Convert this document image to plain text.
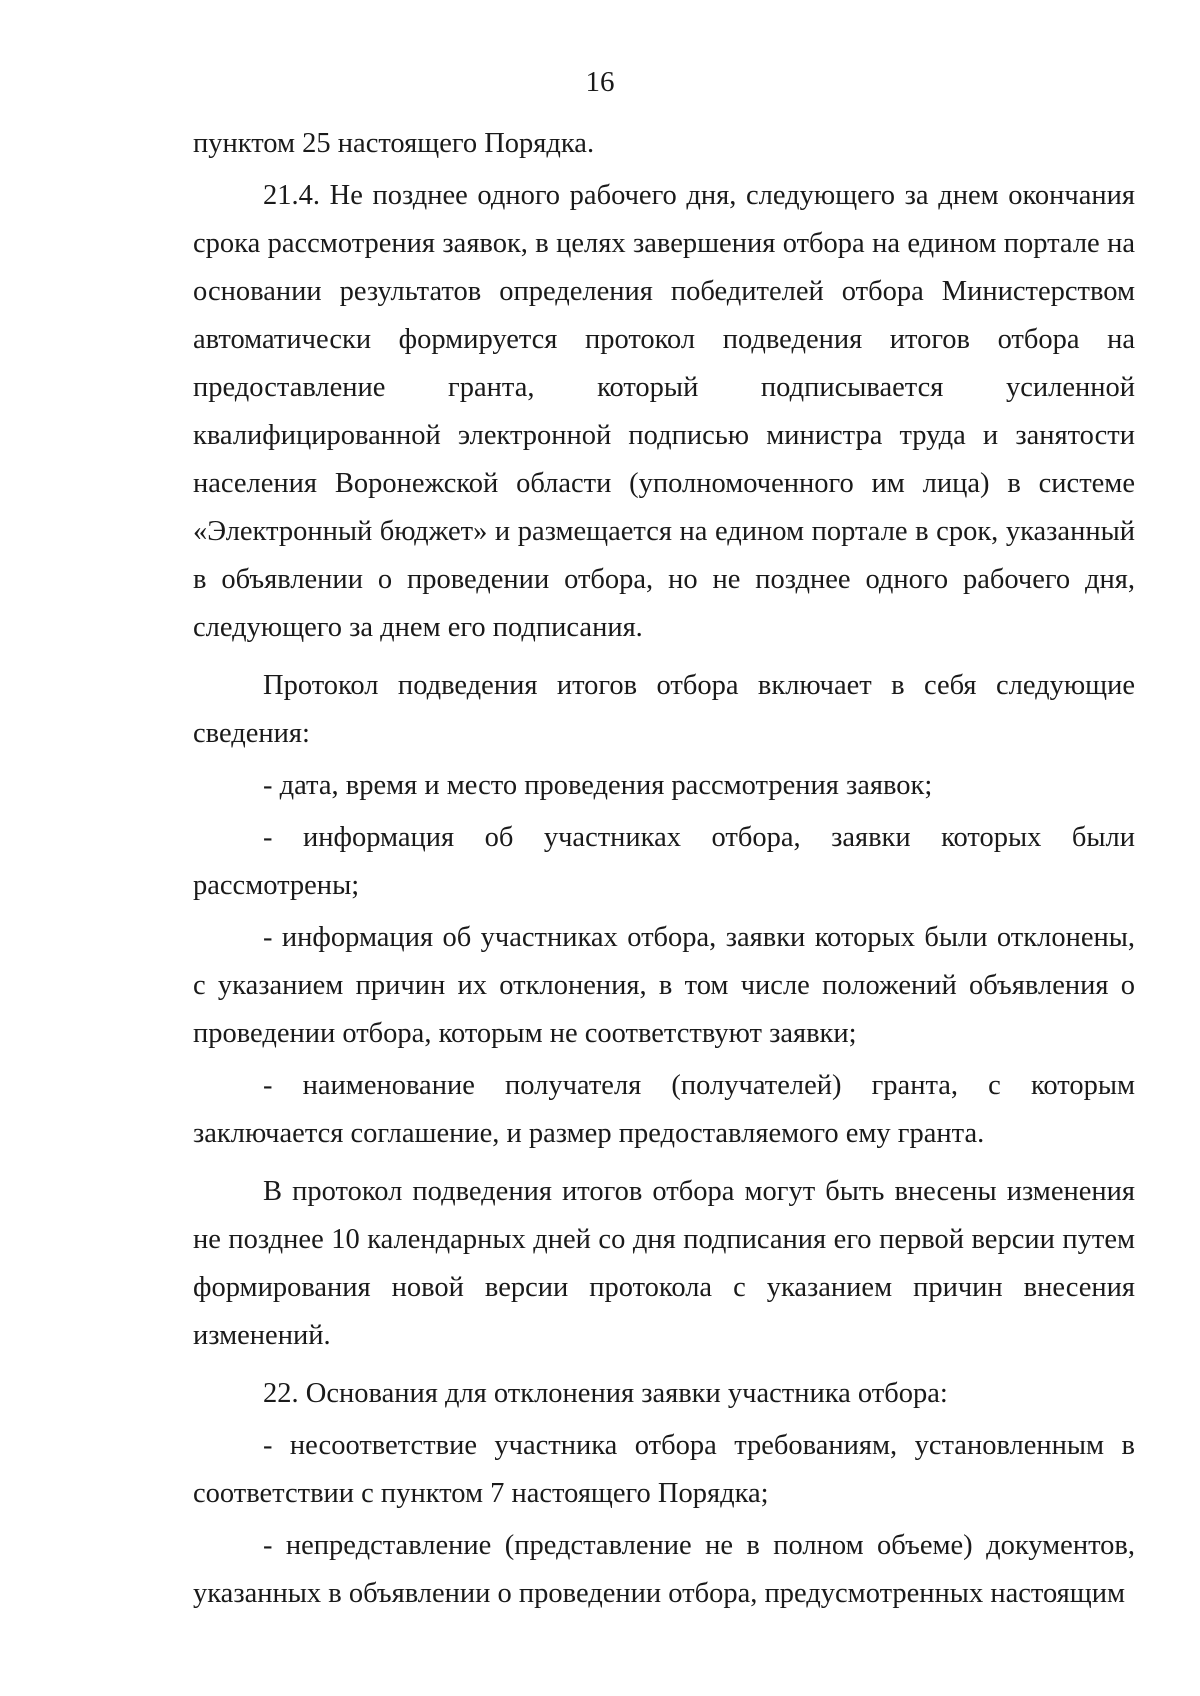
16

пунктом 25 настоящего Порядка.

21.4. Не позднее одного рабочего дня, следующего за днем окончания срока рассмотрения заявок, в целях завершения отбора на едином портале на основании результатов определения победителей отбора Министерством автоматически формируется протокол подведения итогов отбора на предоставление гранта, который подписывается усиленной квалифицированной электронной подписью министра труда и занятости населения Воронежской области (уполномоченного им лица) в системе «Электронный бюджет» и размещается на едином портале в срок, указанный в объявлении о проведении отбора, но не позднее одного рабочего дня, следующего за днем его подписания.

Протокол подведения итогов отбора включает в себя следующие сведения:

- дата, время и место проведения рассмотрения заявок;

- информация об участниках отбора, заявки которых были рассмотрены;

- информация об участниках отбора, заявки которых были отклонены, с указанием причин их отклонения, в том числе положений объявления о проведении отбора, которым не соответствуют заявки;

- наименование получателя (получателей) гранта, с которым заключается соглашение, и размер предоставляемого ему гранта.

В протокол подведения итогов отбора могут быть внесены изменения не позднее 10 календарных дней со дня подписания его первой версии путем формирования новой версии протокола с указанием причин внесения изменений.

22. Основания для отклонения заявки участника отбора:

- несоответствие участника отбора требованиям, установленным в соответствии с пунктом 7 настоящего Порядка;

- непредставление (представление не в полном объеме) документов, указанных в объявлении о проведении отбора, предусмотренных настоящим
